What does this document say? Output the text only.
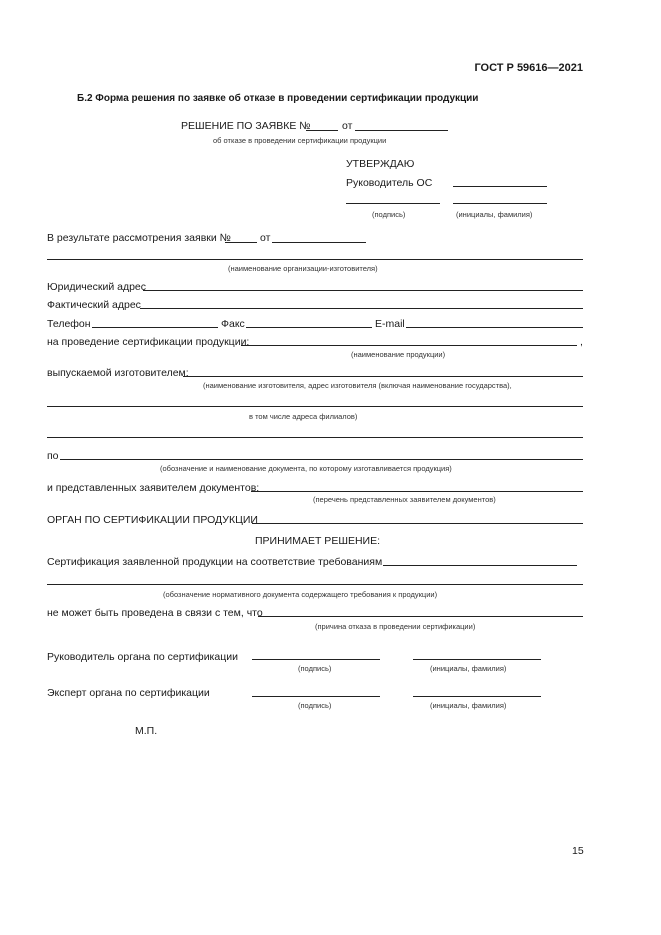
ГОСТ Р 59616—2021
Б.2 Форма решения по заявке об отказе в проведении сертификации продукции
РЕШЕНИЕ ПО ЗАЯВКЕ №	от
об отказе в проведении сертификации продукции
УТВЕРЖДАЮ
Руководитель ОС
(подпись)	(инициалы, фамилия)
В результате рассмотрения заявки №	от
(наименование организации-изготовителя)
Юридический адрес
Фактический адрес
Телефон	Факс	E-mail
на проведение сертификации продукции:	,
(наименование продукции)
выпускаемой изготовителем:
(наименование изготовителя, адрес изготовителя (включая наименование государства),
в том числе адреса филиалов)
по
(обозначение и наименование документа, по которому изготавливается продукция)
и представленных заявителем документов:
(перечень представленных заявителем документов)
ОРГАН ПО СЕРТИФИКАЦИИ ПРОДУКЦИИ
ПРИНИМАЕТ РЕШЕНИЕ:
Сертификация заявленной продукции на соответствие требованиям
(обозначение нормативного документа содержащего требования к продукции)
не может быть проведена в связи с тем, что
(причина отказа в проведении сертификации)
Руководитель органа по сертификации
(подпись)	(инициалы, фамилия)
Эксперт органа по сертификации
(подпись)	(инициалы, фамилия)
М.П.
15
